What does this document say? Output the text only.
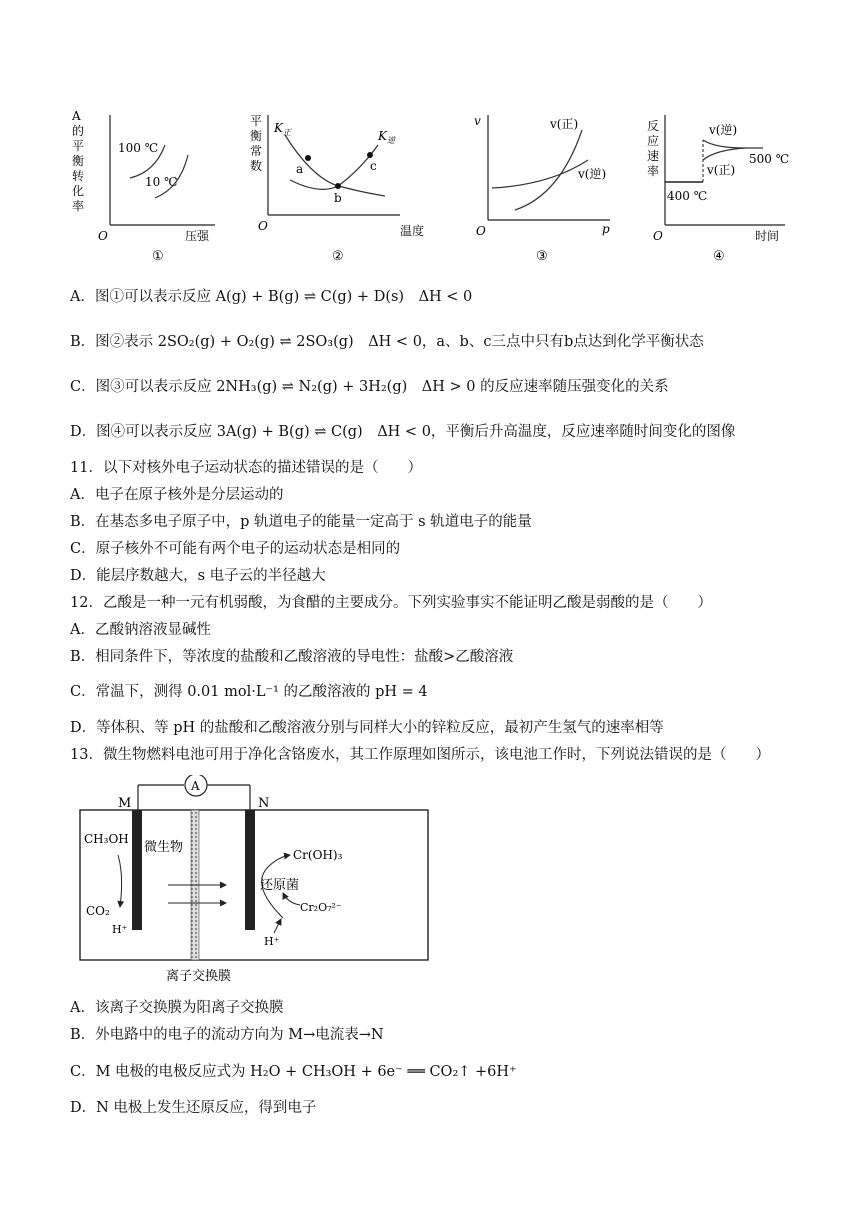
A
的
平
衡
转
化
率
100 ℃
10 ℃
O	压强
①
平
衡
常
数
$K_正$	$K_逆$
a
b
c
O	温度
②
v	v(正)
v(逆)
O	p
③
反
应
速
率
v(逆)
v(正)
500 ℃
400 ℃
O	时间
④
A．图①可以表示反应 A(g) + B(g) ⇌ C(g) + D(s)　ΔH < 0
B．图②表示 2SO₂(g) + O₂(g) ⇌ 2SO₃(g)　ΔH < 0，a、b、c三点中只有b点达到化学平衡状态
C．图③可以表示反应 2NH₃(g) ⇌ N₂(g) + 3H₂(g)　ΔH > 0 的反应速率随压强变化的关系
D．图④可以表示反应 3A(g) + B(g) ⇌ C(g)　ΔH < 0，平衡后升高温度，反应速率随时间变化的图像
11．以下对核外电子运动状态的描述错误的是（　　）
A．电子在原子核外是分层运动的
B．在基态多电子原子中，p 轨道电子的能量一定高于 s 轨道电子的能量
C．原子核外不可能有两个电子的运动状态是相同的
D．能层序数越大，s 电子云的半径越大
12．乙酸是一种一元有机弱酸，为食醋的主要成分。下列实验事实不能证明乙酸是弱酸的是（　　）
A．乙酸钠溶液显碱性
B．相同条件下，等浓度的盐酸和乙酸溶液的导电性：盐酸>乙酸溶液
C．常温下，测得 0.01 mol·L⁻¹ 的乙酸溶液的 pH = 4
D．等体积、等 pH 的盐酸和乙酸溶液分别与同样大小的锌粒反应，最初产生氢气的速率相等
13．微生物燃料电池可用于净化含铬废水，其工作原理如图所示，该电池工作时，下列说法错误的是（　　）
A
M	N
CH₃OH
微生物
CO₂
H⁺
Cr(OH)₃
还原菌
Cr₂O₇²⁻
H⁺
离子交换膜
A．该离子交换膜为阳离子交换膜
B．外电路中的电子的流动方向为 M→电流表→N
C．M 电极的电极反应式为 H₂O + CH₃OH + 6e⁻ ══ CO₂↑ +6H⁺
D．N 电极上发生还原反应，得到电子
